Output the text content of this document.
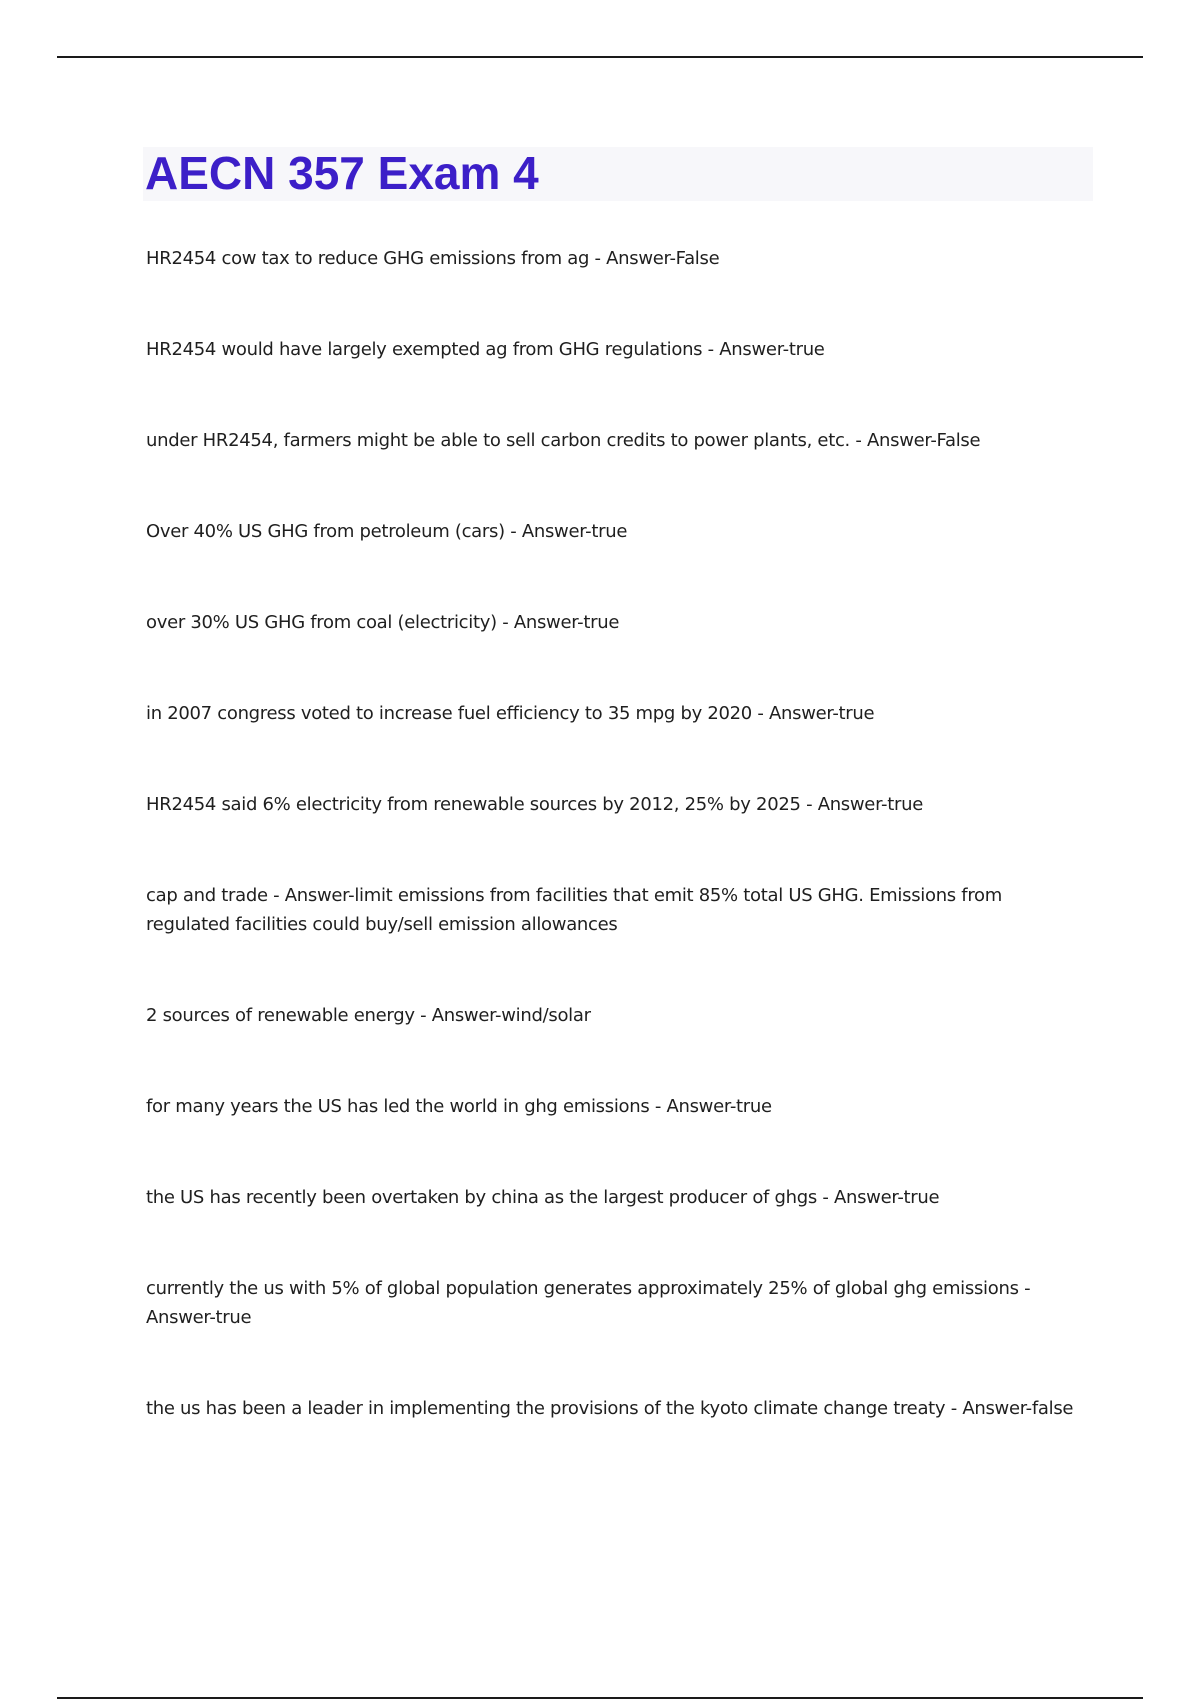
AECN 357 Exam 4
HR2454 cow tax to reduce GHG emissions from ag - Answer-False
HR2454 would have largely exempted ag from GHG regulations - Answer-true
under HR2454, farmers might be able to sell carbon credits to power plants, etc. - Answer-False
Over 40% US GHG from petroleum (cars) - Answer-true
over 30% US GHG from coal (electricity) - Answer-true
in 2007 congress voted to increase fuel efficiency to 35 mpg by 2020 - Answer-true
HR2454 said 6% electricity from renewable sources by 2012, 25% by 2025 - Answer-true
cap and trade - Answer-limit emissions from facilities that emit 85% total US GHG. Emissions from regulated facilities could buy/sell emission allowances
2 sources of renewable energy - Answer-wind/solar
for many years the US has led the world in ghg emissions - Answer-true
the US has recently been overtaken by china as the largest producer of ghgs - Answer-true
currently the us with 5% of global population generates approximately 25% of global ghg emissions - Answer-true
the us has been a leader in implementing the provisions of the kyoto climate change treaty - Answer-false
